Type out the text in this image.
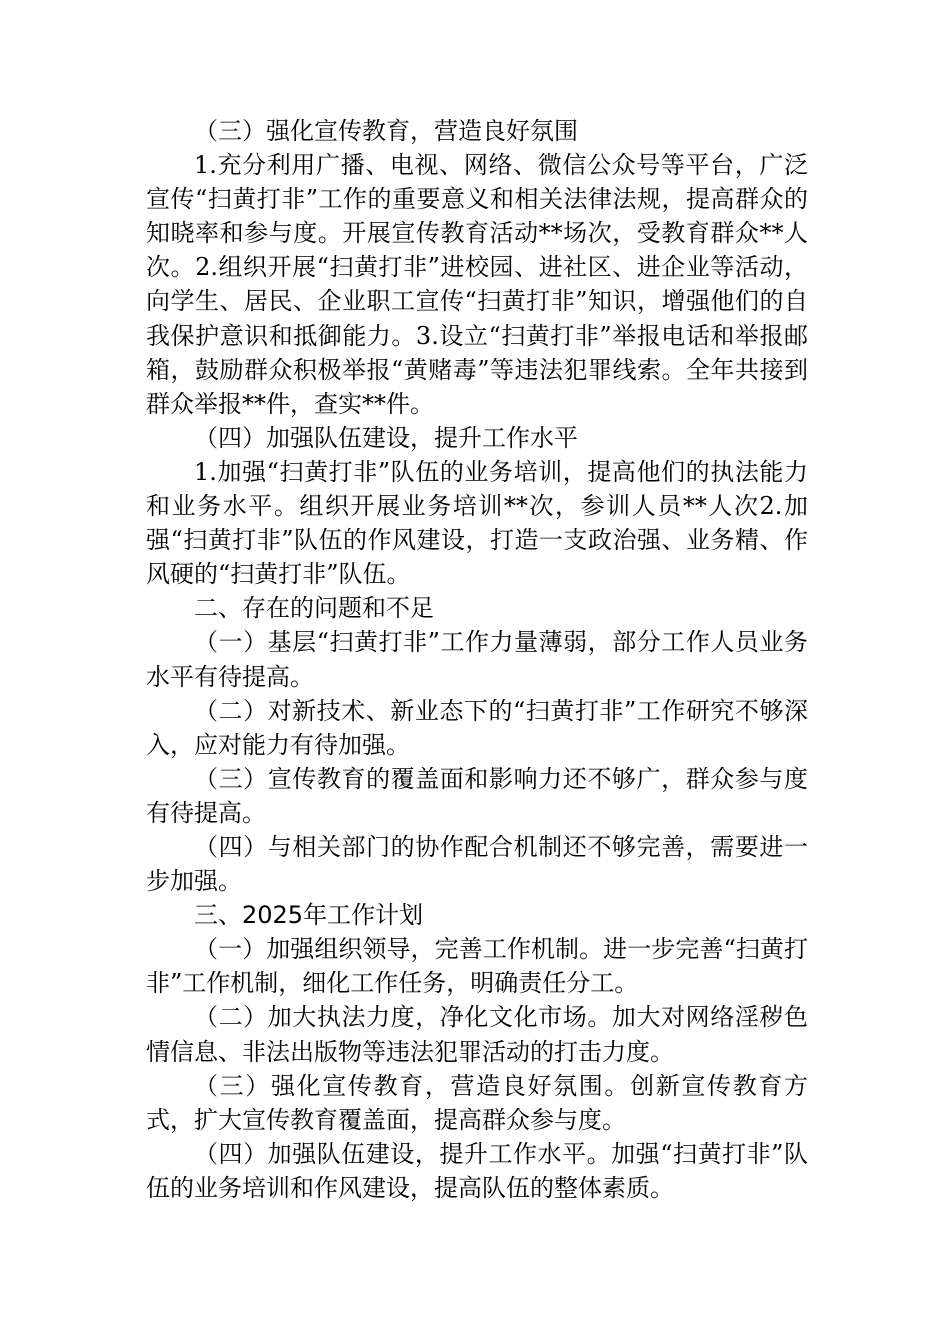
（三）强化宣传教育，营造良好氛围

1.充分利用广播、电视、网络、微信公众号等平台，广泛宣传“扫黄打非”工作的重要意义和相关法律法规，提高群众的知晓率和参与度。开展宣传教育活动**场次，受教育群众**人次。2.组织开展“扫黄打非”进校园、进社区、进企业等活动，向学生、居民、企业职工宣传“扫黄打非”知识，增强他们的自我保护意识和抵御能力。3.设立“扫黄打非”举报电话和举报邮箱，鼓励群众积极举报“黄赌毒”等违法犯罪线索。全年共接到群众举报**件，查实**件。

（四）加强队伍建设，提升工作水平

1.加强“扫黄打非”队伍的业务培训，提高他们的执法能力和业务水平。组织开展业务培训**次，参训人员**人次2.加强“扫黄打非”队伍的作风建设，打造一支政治强、业务精、作风硬的“扫黄打非”队伍。

二、存在的问题和不足

（一）基层“扫黄打非”工作力量薄弱，部分工作人员业务水平有待提高。

（二）对新技术、新业态下的“扫黄打非”工作研究不够深入，应对能力有待加强。

（三）宣传教育的覆盖面和影响力还不够广，群众参与度有待提高。

（四）与相关部门的协作配合机制还不够完善，需要进一步加强。

三、2025年工作计划

（一）加强组织领导，完善工作机制。进一步完善“扫黄打非”工作机制，细化工作任务，明确责任分工。

（二）加大执法力度，净化文化市场。加大对网络淫秽色情信息、非法出版物等违法犯罪活动的打击力度。

（三）强化宣传教育，营造良好氛围。创新宣传教育方式，扩大宣传教育覆盖面，提高群众参与度。

（四）加强队伍建设，提升工作水平。加强“扫黄打非”队伍的业务培训和作风建设，提高队伍的整体素质。
